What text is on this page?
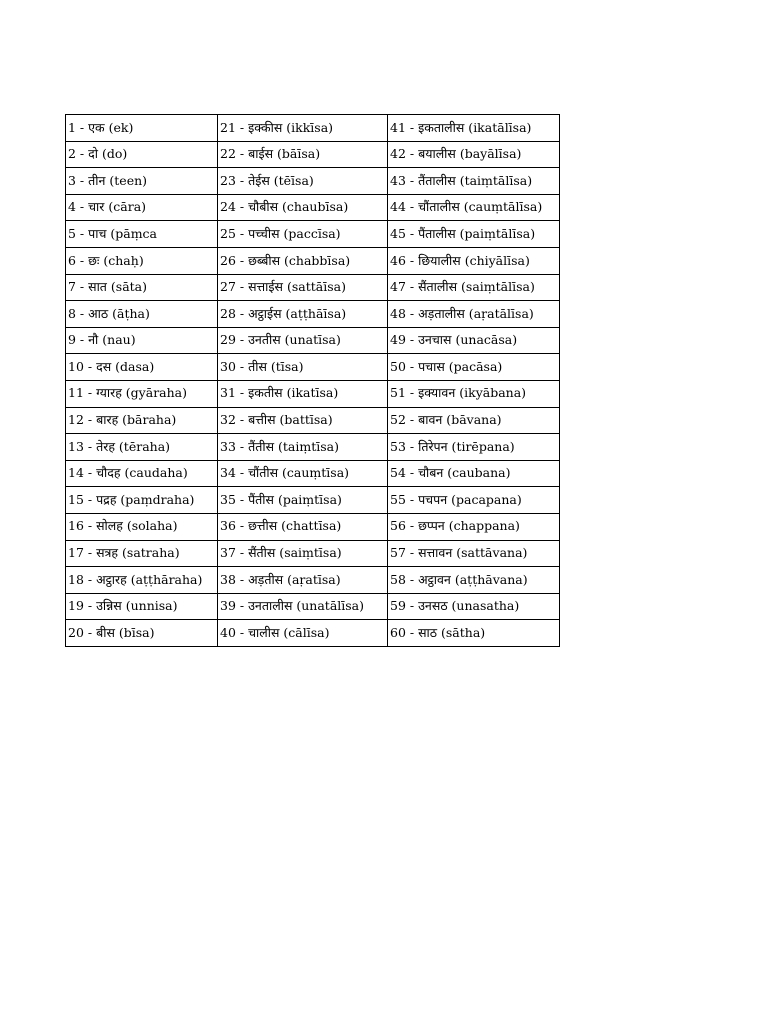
1 - एक (ek)	21 - इक्कीस (ikkīsa)	41 - इकतालीस (ikatālīsa)
2 - दो (do)	22 - बाईस (bāīsa)	42 - बयालीस (bayālīsa)
3 - तीन (teen)	23 - तेईस (tēīsa)	43 - तैंतालीस (taiṃtālīsa)
4 - चार (cāra)	24 - चौबीस (chaubīsa)	44 - चौंतालीस (cauṃtālīsa)
5 - पाच (pāṃca	25 - पच्चीस (paccīsa)	45 - पैंतालीस (paiṃtālīsa)
6 - छः (chaḥ)	26 - छब्बीस (chabbīsa)	46 - छियालीस (chiyālīsa)
7 - सात (sāta)	27 - सत्ताईस (sattāīsa)	47 - सैंतालीस (saiṃtālīsa)
8 - आठ (āṭha)	28 - अट्ठाईस (aṭṭhāīsa)	48 - अड़तालीस (aṛatālīsa)
9 - नौ (nau)	29 - उनतीस (unatīsa)	49 - उनचास (unacāsa)
10 - दस (dasa)	30 - तीस (tīsa)	50 - पचास (pacāsa)
11 - ग्यारह (gyāraha)	31 - इकतीस (ikatīsa)	51 - इक्यावन (ikyābana)
12 - बारह (bāraha)	32 - बत्तीस (battīsa)	52 - बावन (bāvana)
13 - तेरह (tēraha)	33 - तैंतीस (taiṃtīsa)	53 - तिरेपन (tirēpana)
14 - चौदह (caudaha)	34 - चौंतीस (cauṃtīsa)	54 - चौबन (caubana)
15 - पद्रह (paṃdraha)	35 - पैंतीस (paiṃtīsa)	55 - पचपन (pacapana)
16 - सोलह (solaha)	36 - छत्तीस (chattīsa)	56 - छप्पन (chappana)
17 - सत्रह (satraha)	37 - सैंतीस (saiṃtīsa)	57 - सत्तावन (sattāvana)
18 - अट्ठारह (aṭṭhāraha)	38 - अड़तीस (aṛatīsa)	58 - अट्ठावन (aṭṭhāvana)
19 - उन्निस (unnisa)	39 - उनतालीस (unatālīsa)	59 - उनसठ (unasatha)
20 - बीस (bīsa)	40 - चालीस (cālīsa)	60 - साठ (sātha)
